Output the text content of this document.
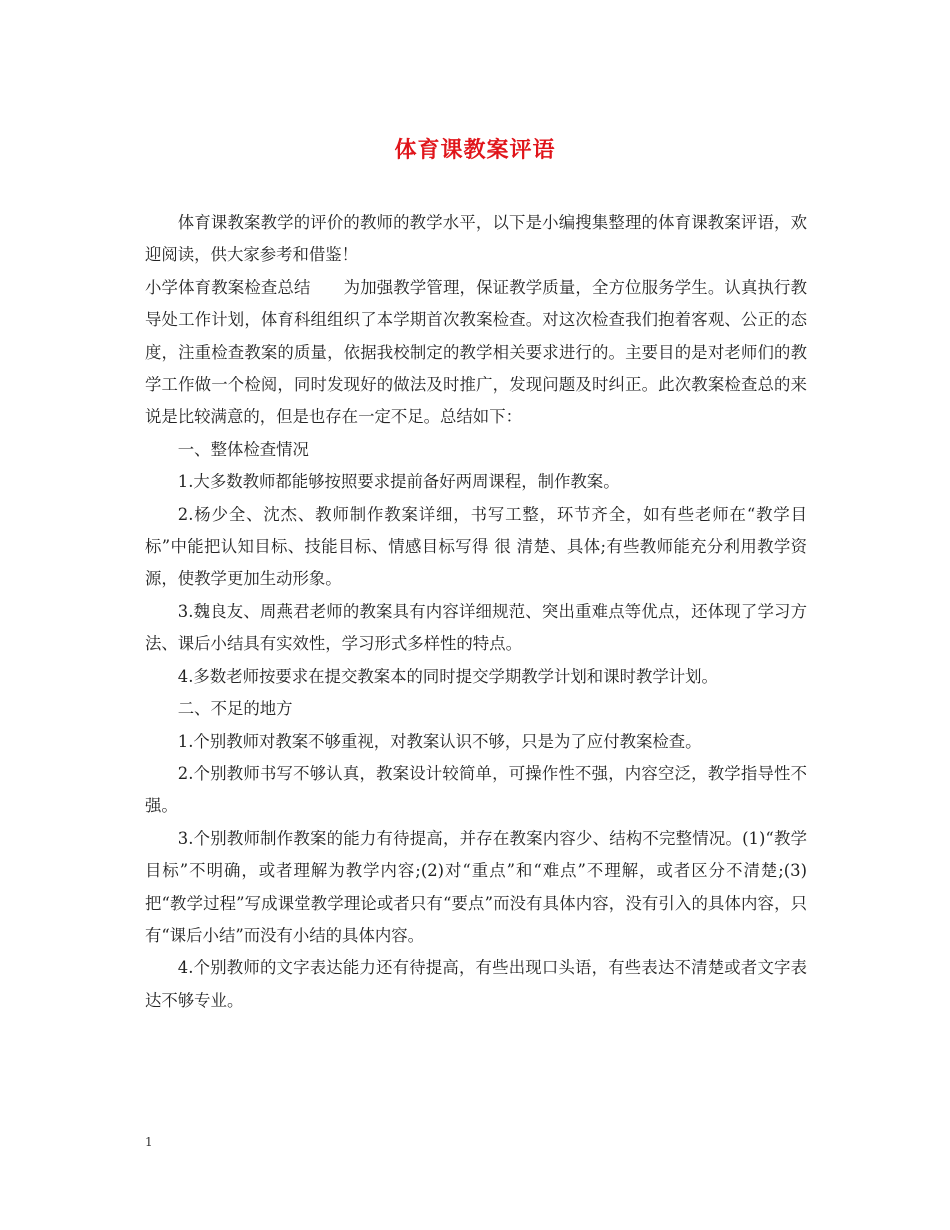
体育课教案评语

体育课教案教学的评价的教师的教学水平，以下是小编搜集整理的体育课教案评语，欢迎阅读，供大家参考和借鉴！

小学体育教案检查总结　　为加强教学管理，保证教学质量，全方位服务学生。认真执行教导处工作计划，体育科组组织了本学期首次教案检查。对这次检查我们抱着客观、公正的态度，注重检查教案的质量，依据我校制定的教学相关要求进行的。主要目的是对老师们的教学工作做一个检阅，同时发现好的做法及时推广，发现问题及时纠正。此次教案检查总的来说是比较满意的，但是也存在一定不足。总结如下：

一、整体检查情况

1.大多数教师都能够按照要求提前备好两周课程，制作教案。

2.杨少全、沈杰、教师制作教案详细，书写工整，环节齐全，如有些老师在“教学目标”中能把认知目标、技能目标、情感目标写得 很 清楚、具体;有些教师能充分利用教学资源，使教学更加生动形象。

3.魏良友、周燕君老师的教案具有内容详细规范、突出重难点等优点，还体现了学习方法、课后小结具有实效性，学习形式多样性的特点。

4.多数老师按要求在提交教案本的同时提交学期教学计划和课时教学计划。

二、不足的地方

1.个别教师对教案不够重视，对教案认识不够，只是为了应付教案检查。

2.个别教师书写不够认真，教案设计较简单，可操作性不强，内容空泛，教学指导性不强。

3.个别教师制作教案的能力有待提高，并存在教案内容少、结构不完整情况。(1)“教学目标”不明确，或者理解为教学内容;(2)对“重点”和“难点”不理解，或者区分不清楚;(3)把“教学过程”写成课堂教学理论或者只有“要点”而没有具体内容，没有引入的具体内容，只有“课后小结”而没有小结的具体内容。

4.个别教师的文字表达能力还有待提高，有些出现口头语，有些表达不清楚或者文字表达不够专业。

1
